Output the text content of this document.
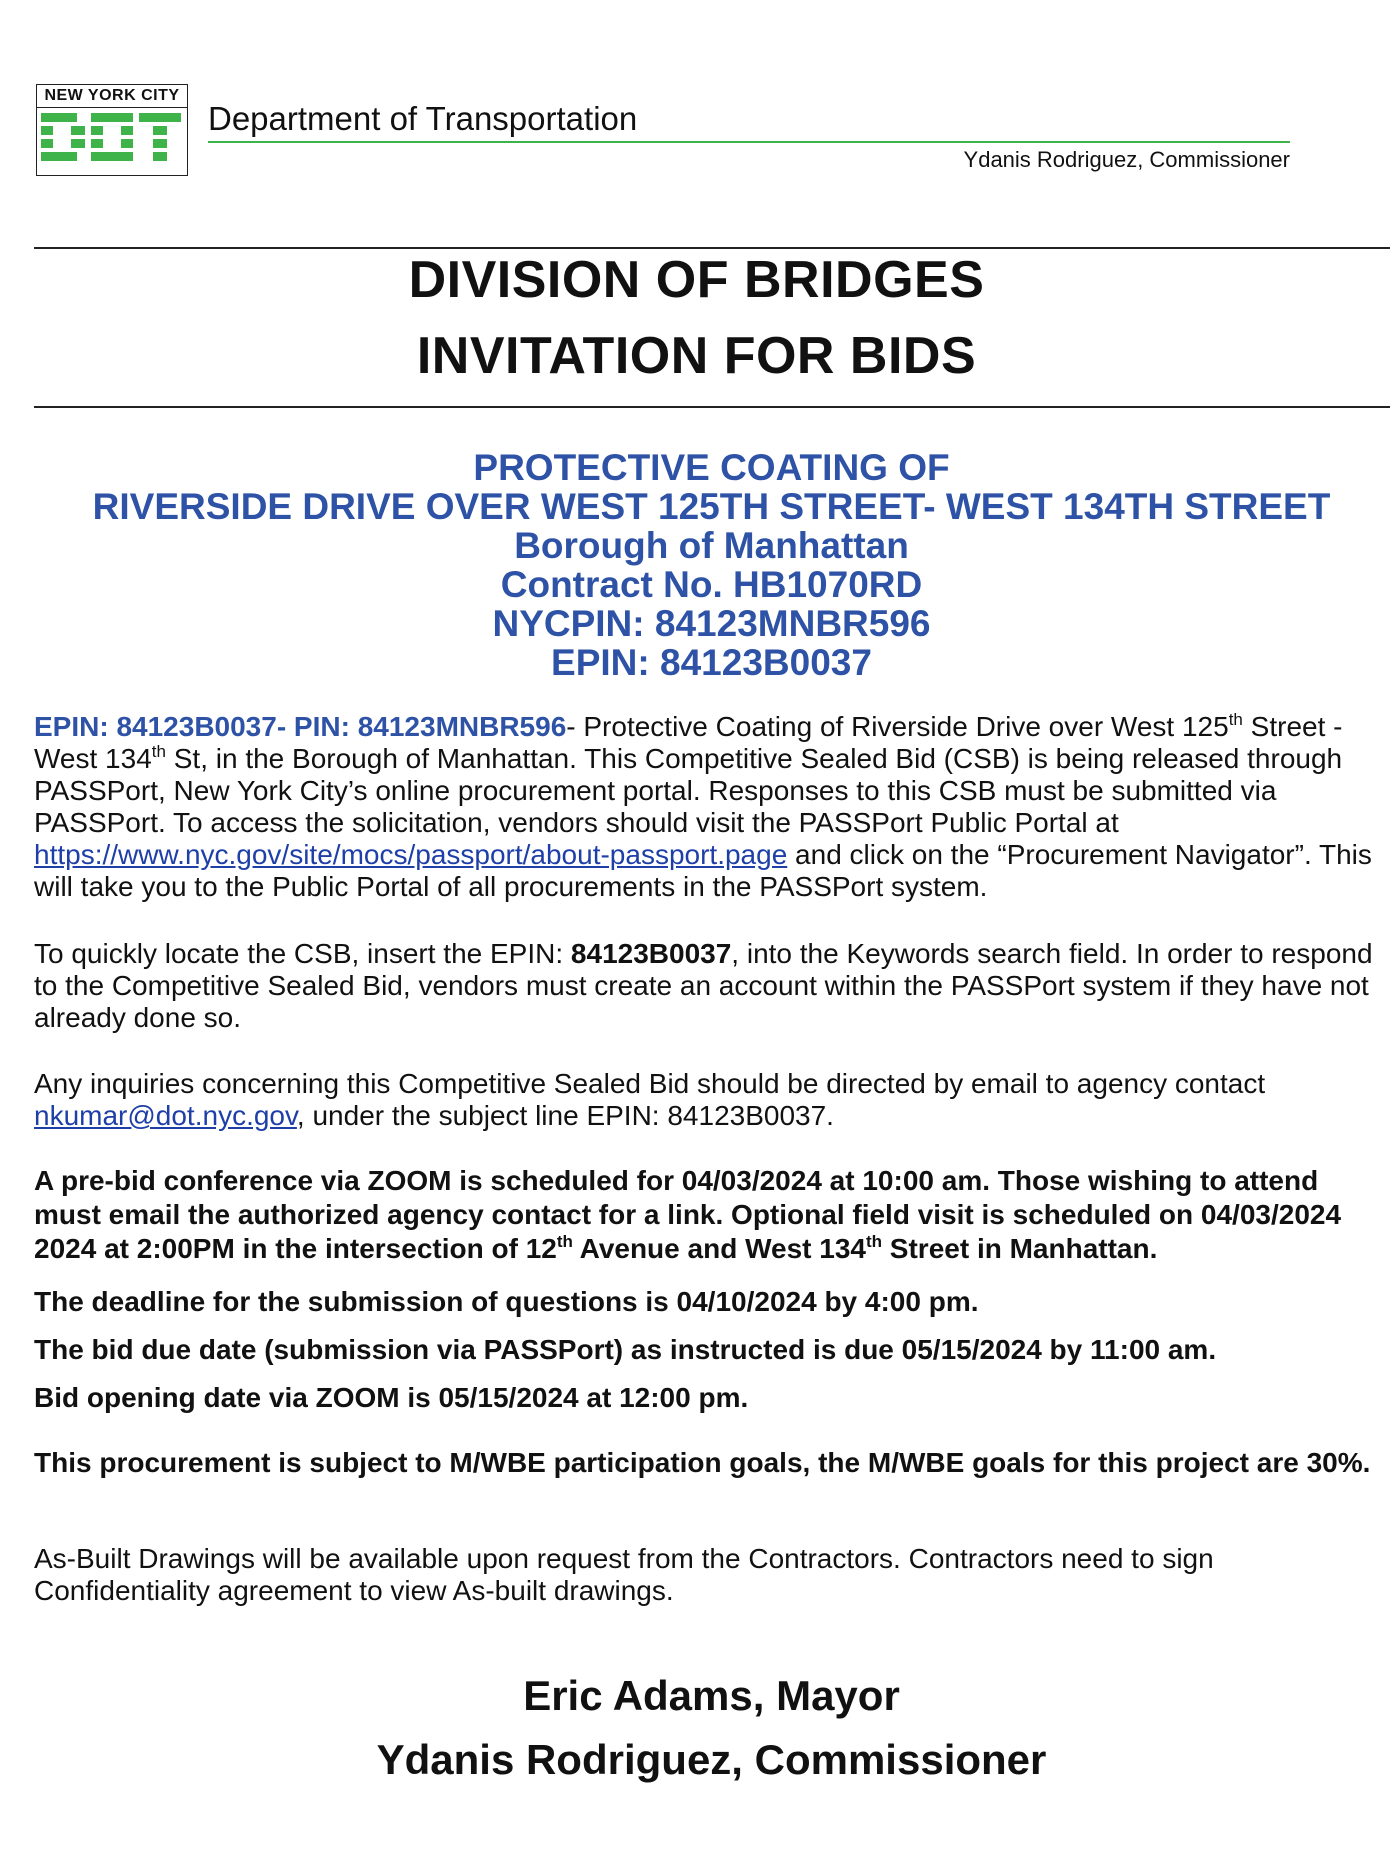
NEW YORK CITY
Department of Transportation
Ydanis Rodriguez, Commissioner
DIVISION OF BRIDGES
INVITATION FOR BIDS
PROTECTIVE COATING OF
RIVERSIDE DRIVE OVER WEST 125TH STREET- WEST 134TH STREET
Borough of Manhattan
Contract No. HB1070RD
NYCPIN: 84123MNBR596
EPIN: 84123B0037
EPIN: 84123B0037- PIN: 84123MNBR596- Protective Coating of Riverside Drive over West 125th Street - West 134th St, in the Borough of Manhattan. This Competitive Sealed Bid (CSB) is being released through PASSPort, New York City’s online procurement portal. Responses to this CSB must be submitted via PASSPort. To access the solicitation, vendors should visit the PASSPort Public Portal at https://www.nyc.gov/site/mocs/passport/about-passport.page and click on the “Procurement Navigator”. This will take you to the Public Portal of all procurements in the PASSPort system.
To quickly locate the CSB, insert the EPIN: 84123B0037, into the Keywords search field. In order to respond to the Competitive Sealed Bid, vendors must create an account within the PASSPort system if they have not already done so.
Any inquiries concerning this Competitive Sealed Bid should be directed by email to agency contact nkumar@dot.nyc.gov, under the subject line EPIN: 84123B0037.
A pre-bid conference via ZOOM is scheduled for 04/03/2024 at 10:00 am. Those wishing to attend must email the authorized agency contact for a link. Optional field visit is scheduled on 04/03/2024 2024 at 2:00PM in the intersection of 12th Avenue and West 134th Street in Manhattan.
The deadline for the submission of questions is 04/10/2024 by 4:00 pm.
The bid due date (submission via PASSPort) as instructed is due 05/15/2024 by 11:00 am.
Bid opening date via ZOOM is 05/15/2024 at 12:00 pm.
This procurement is subject to M/WBE participation goals, the M/WBE goals for this project are 30%.
As-Built Drawings will be available upon request from the Contractors. Contractors need to sign Confidentiality agreement to view As-built drawings.
Eric Adams, Mayor
Ydanis Rodriguez, Commissioner
